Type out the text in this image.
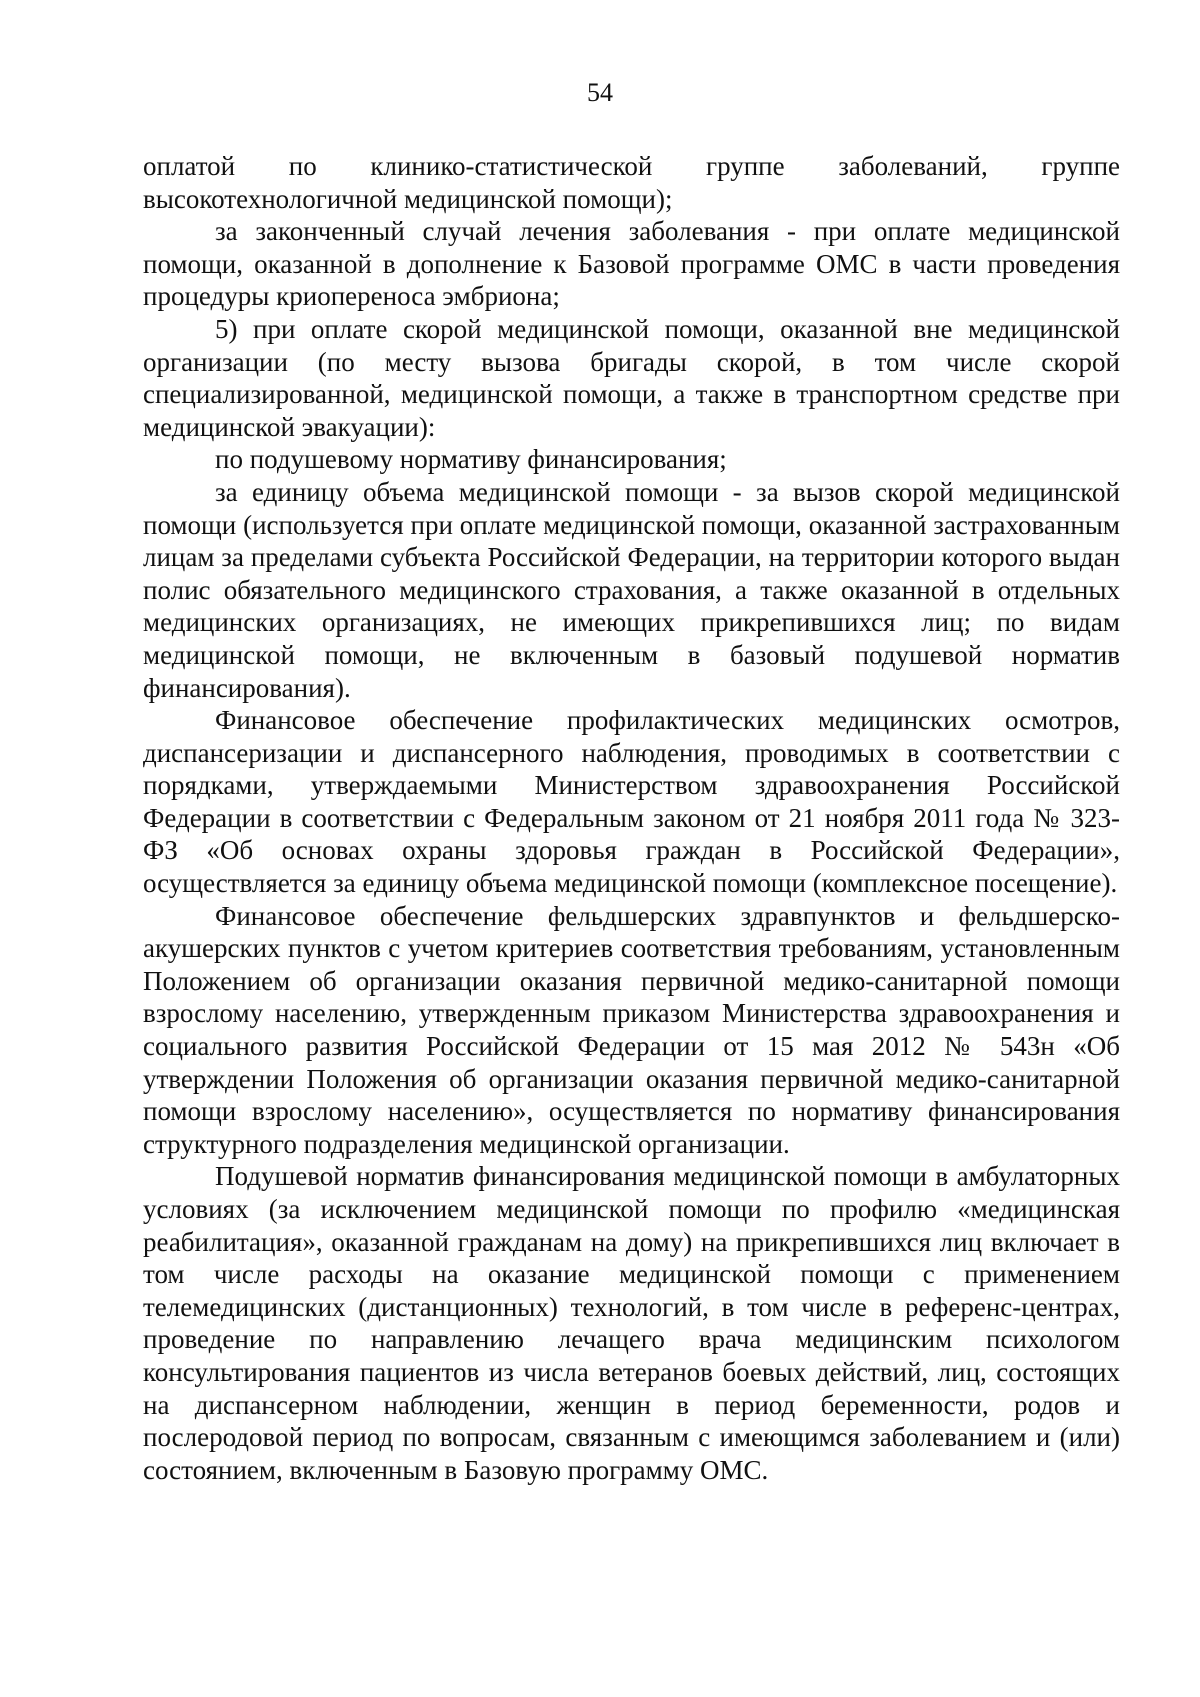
54

оплатой по клинико-статистической группе заболеваний, группе высокотехнологичной медицинской помощи);

за законченный случай лечения заболевания - при оплате медицинской помощи, оказанной в дополнение к Базовой программе ОМС в части проведения процедуры криопереноса эмбриона;

5) при оплате скорой медицинской помощи, оказанной вне медицинской организации (по месту вызова бригады скорой, в том числе скорой специализированной, медицинской помощи, а также в транспортном средстве при медицинской эвакуации):

по подушевому нормативу финансирования;

за единицу объема медицинской помощи - за вызов скорой медицинской помощи (используется при оплате медицинской помощи, оказанной застрахованным лицам за пределами субъекта Российской Федерации, на территории которого выдан полис обязательного медицинского страхования, а также оказанной в отдельных медицинских организациях, не имеющих прикрепившихся лиц; по видам медицинской помощи, не включенным в базовый подушевой норматив финансирования).

Финансовое обеспечение профилактических медицинских осмотров, диспансеризации и диспансерного наблюдения, проводимых в соответствии с порядками, утверждаемыми Министерством здравоохранения Российской Федерации в соответствии с Федеральным законом от 21 ноября 2011 года № 323-ФЗ «Об основах охраны здоровья граждан в Российской Федерации», осуществляется за единицу объема медицинской помощи (комплексное посещение).

Финансовое обеспечение фельдшерских здравпунктов и фельдшерско-акушерских пунктов с учетом критериев соответствия требованиям, установленным Положением об организации оказания первичной медико-санитарной помощи взрослому населению, утвержденным приказом Министерства здравоохранения и социального развития Российской Федерации от 15 мая 2012 № 543н «Об утверждении Положения об организации оказания первичной медико-санитарной помощи взрослому населению», осуществляется по нормативу финансирования структурного подразделения медицинской организации.

Подушевой норматив финансирования медицинской помощи в амбулаторных условиях (за исключением медицинской помощи по профилю «медицинская реабилитация», оказанной гражданам на дому) на прикрепившихся лиц включает в том числе расходы на оказание медицинской помощи с применением телемедицинских (дистанционных) технологий, в том числе в референс-центрах, проведение по направлению лечащего врача медицинским психологом консультирования пациентов из числа ветеранов боевых действий, лиц, состоящих на диспансерном наблюдении, женщин в период беременности, родов и послеродовой период по вопросам, связанным с имеющимся заболеванием и (или) состоянием, включенным в Базовую программу ОМС.
